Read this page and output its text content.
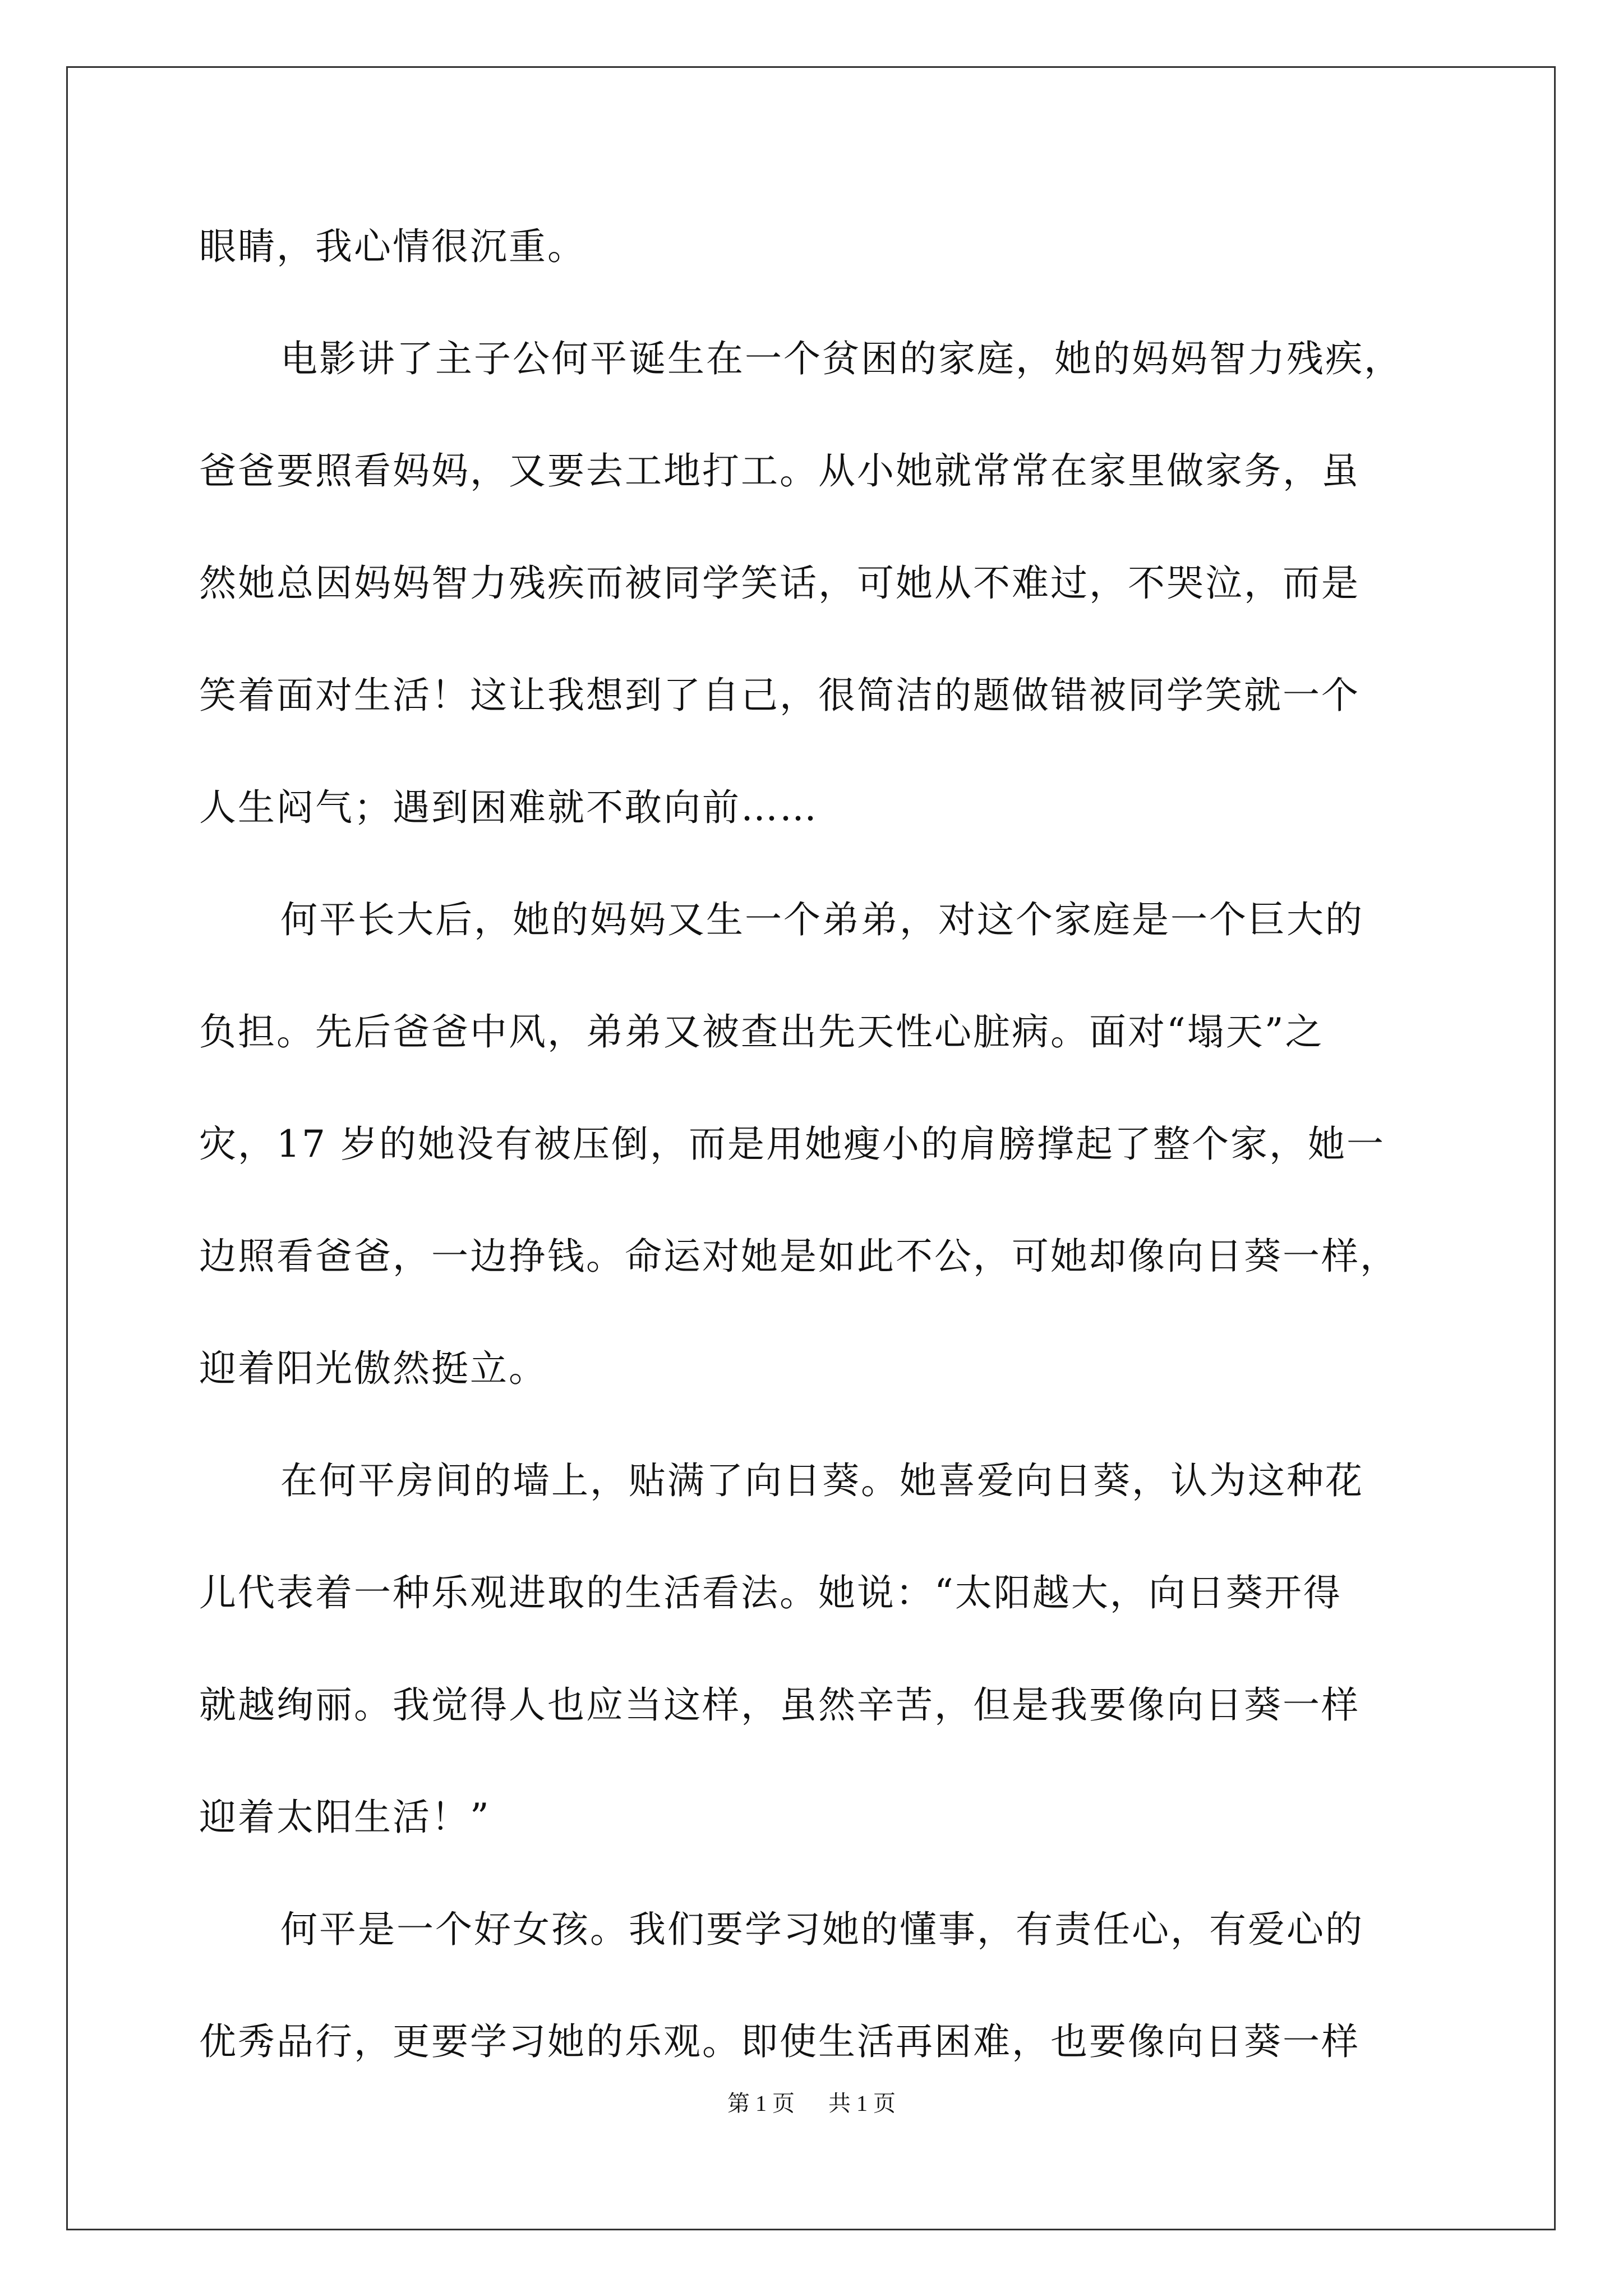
眼睛，我心情很沉重。
电影讲了主子公何平诞生在一个贫困的家庭，她的妈妈智力残疾，
爸爸要照看妈妈，又要去工地打工。从小她就常常在家里做家务，虽
然她总因妈妈智力残疾而被同学笑话，可她从不难过，不哭泣，而是
笑着面对生活！这让我想到了自己，很简洁的题做错被同学笑就一个
人生闷气；遇到困难就不敢向前……
何平长大后，她的妈妈又生一个弟弟，对这个家庭是一个巨大的
负担。先后爸爸中风，弟弟又被查出先天性心脏病。面对“塌天”之
灾，17 岁的她没有被压倒，而是用她瘦小的肩膀撑起了整个家，她一
边照看爸爸，一边挣钱。命运对她是如此不公，可她却像向日葵一样，
迎着阳光傲然挺立。
在何平房间的墙上，贴满了向日葵。她喜爱向日葵，认为这种花
儿代表着一种乐观进取的生活看法。她说：“太阳越大，向日葵开得
就越绚丽。我觉得人也应当这样，虽然辛苦，但是我要像向日葵一样
迎着太阳生活！”
何平是一个好女孩。我们要学习她的懂事，有责任心，有爱心的
优秀品行，更要学习她的乐观。即使生活再困难，也要像向日葵一样
第 1 页 共 1 页
